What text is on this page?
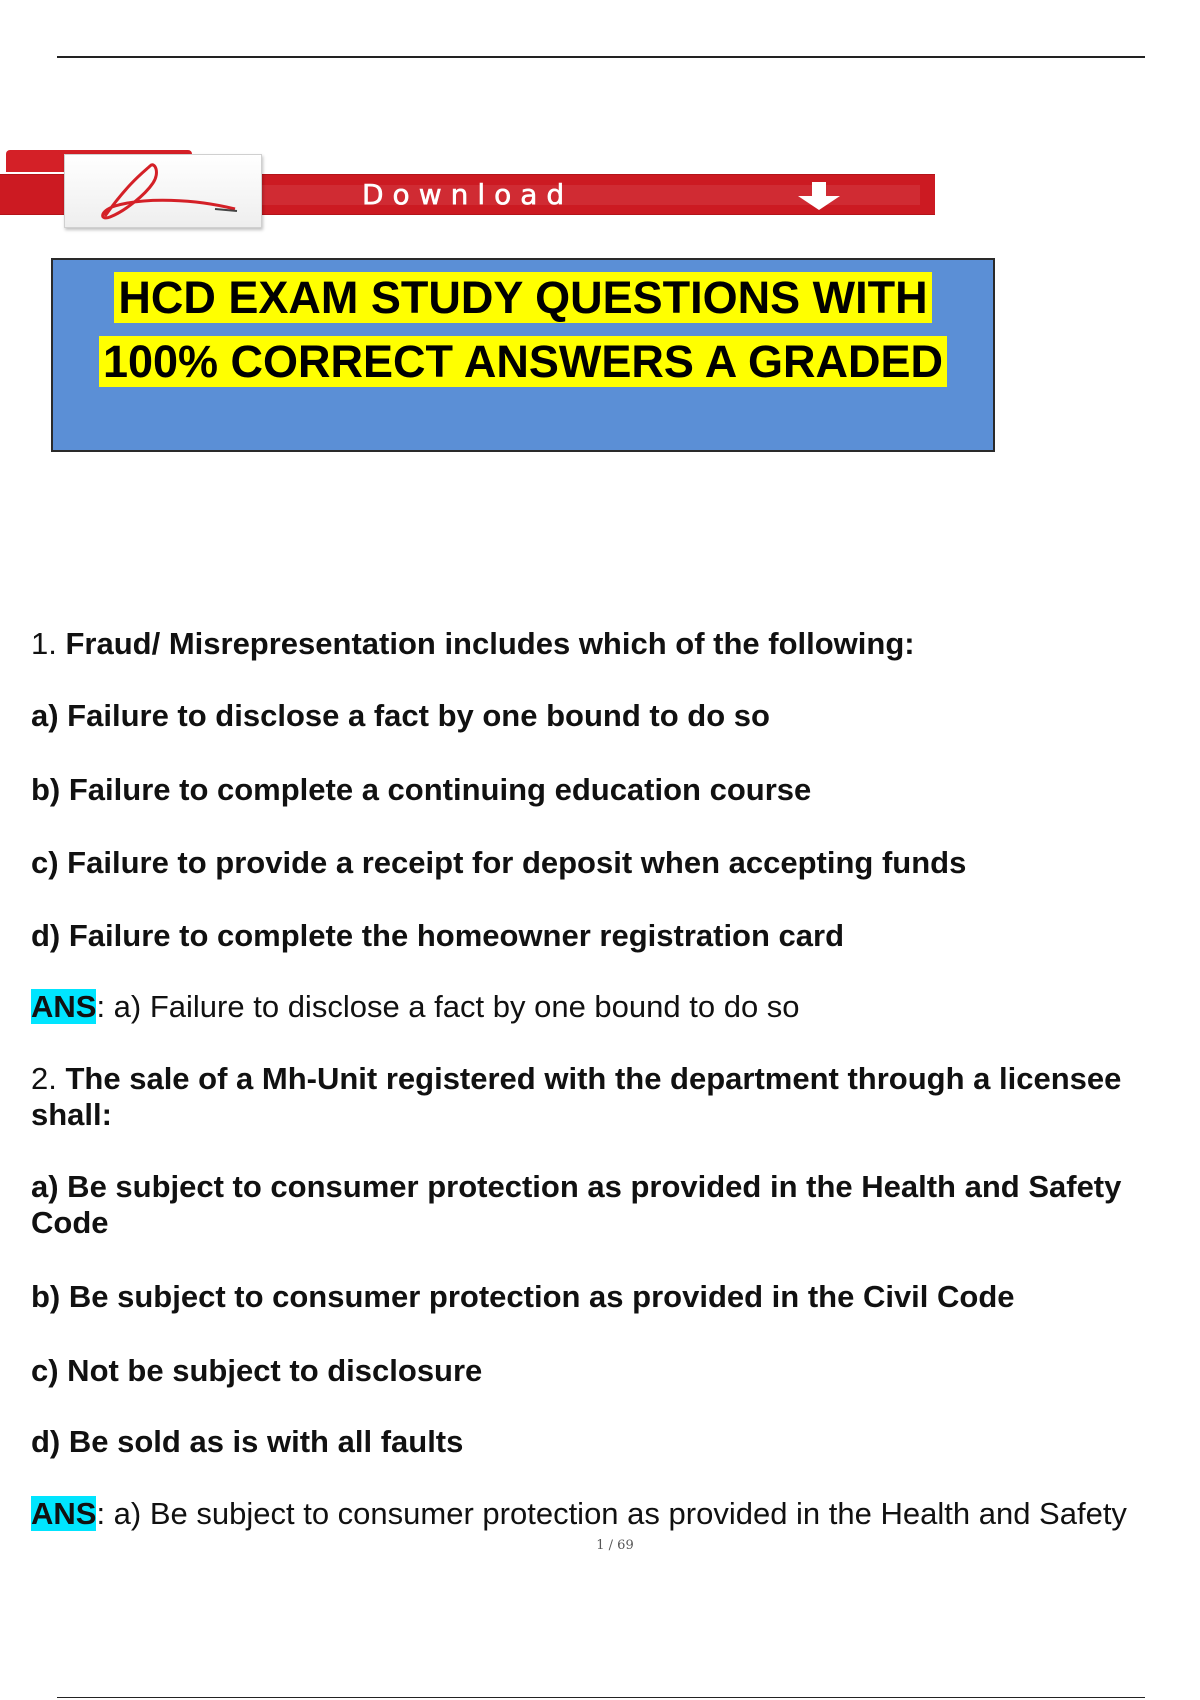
Download
HCD EXAM STUDY QUESTIONS WITH
100% CORRECT ANSWERS A GRADED
1. Fraud/ Misrepresentation includes which of the following:
a) Failure to disclose a fact by one bound to do so
b) Failure to complete a continuing education course
c) Failure to provide a receipt for deposit when accepting funds
d) Failure to complete the homeowner registration card
ANS: a) Failure to disclose a fact by one bound to do so
2. The sale of a Mh-Unit registered with the department through a licensee shall:
a) Be subject to consumer protection as provided in the Health and Safety Code
b) Be subject to consumer protection as provided in the Civil Code
c) Not be subject to disclosure
d) Be sold as is with all faults
ANS: a) Be subject to consumer protection as provided in the Health and Safety
1 / 69
